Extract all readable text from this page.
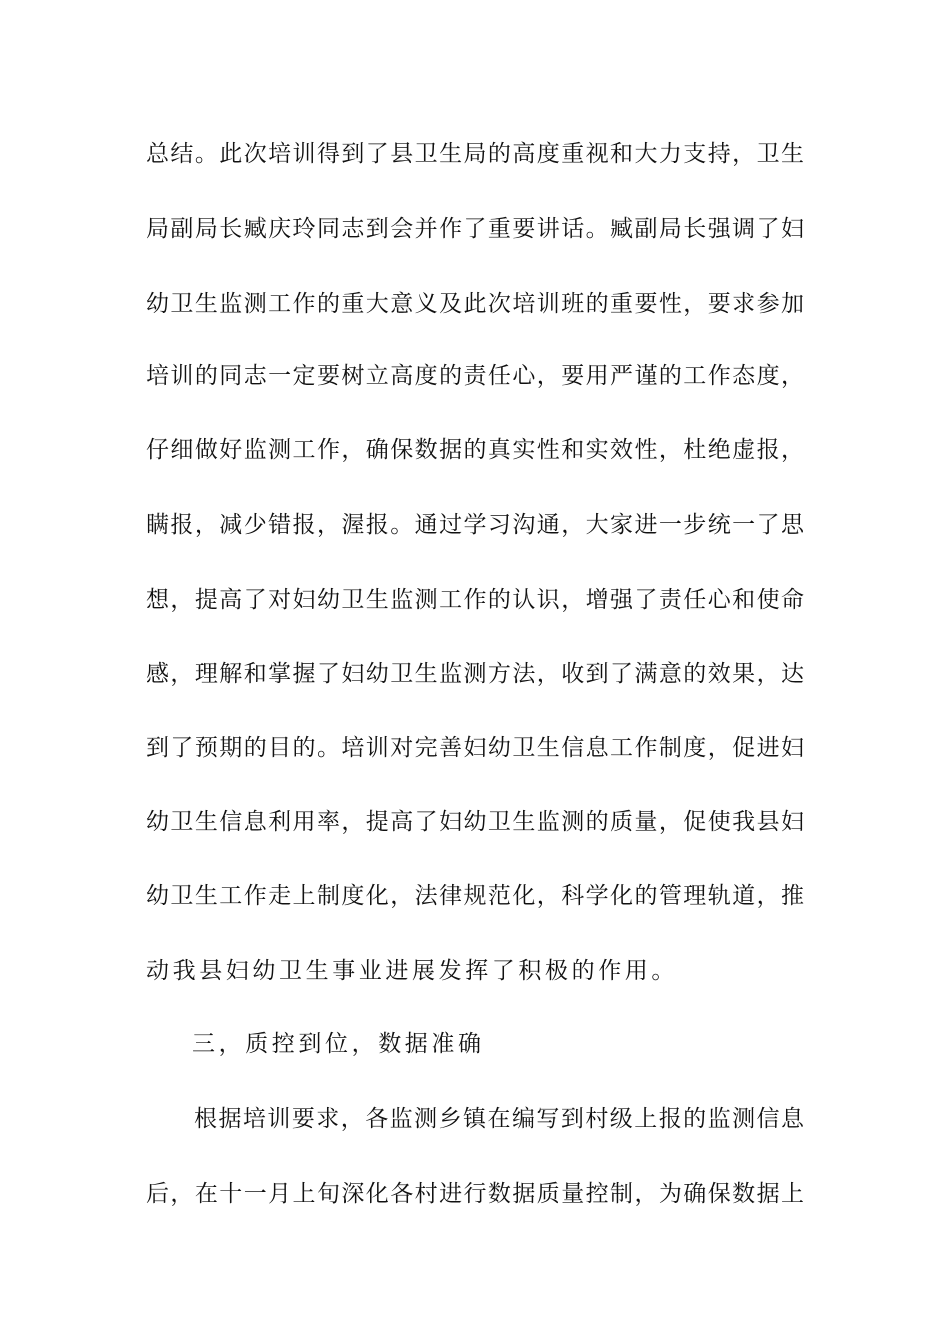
总结。此次培训得到了县卫生局的高度重视和大力支持，卫生
局副局长臧庆玲同志到会并作了重要讲话。臧副局长强调了妇
幼卫生监测工作的重大意义及此次培训班的重要性，要求参加
培训的同志一定要树立高度的责任心，要用严谨的工作态度，
仔细做好监测工作，确保数据的真实性和实效性，杜绝虚报，
瞒报，减少错报，渥报。通过学习沟通，大家进一步统一了思
想，提高了对妇幼卫生监测工作的认识，增强了责任心和使命
感，理解和掌握了妇幼卫生监测方法，收到了满意的效果，达
到了预期的目的。培训对完善妇幼卫生信息工作制度，促进妇
幼卫生信息利用率，提高了妇幼卫生监测的质量，促使我县妇
幼卫生工作走上制度化，法律规范化，科学化的管理轨道，推
动我县妇幼卫生事业进展发挥了积极的作用。
三，质控到位，数据准确
根据培训要求，各监测乡镇在编写到村级上报的监测信息
后，在十一月上旬深化各村进行数据质量控制，为确保数据上
